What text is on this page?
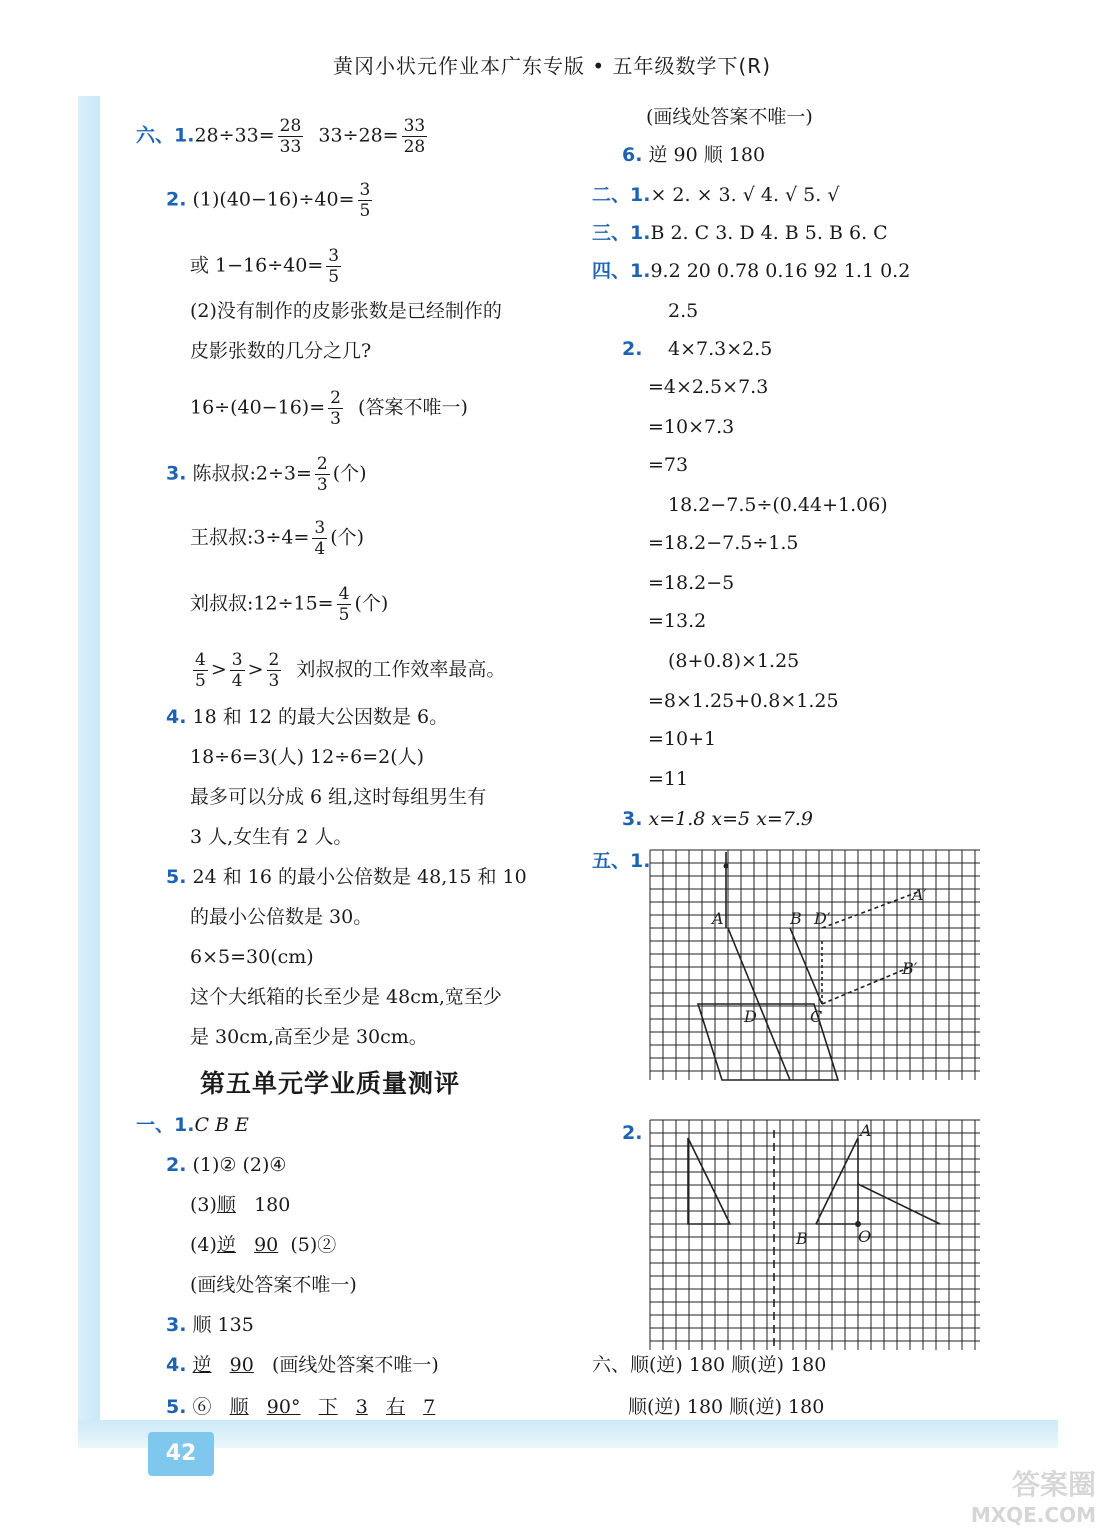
42
黄冈小状元作业本广东专版 • 五年级数学下(R)
六、$1.28\div 33= \frac{28}{33} 33\div 28= \frac{33}{28}$
2. $(1)(40-16)\div 40= \frac{3}{5}$
或 $1-16\div 40= \frac{3}{5}$
(2)没有制作的皮影张数是已经制作的
皮影张数的几分之几?
$16\div(40-16)= \frac{2}{3}$ (答案不唯一)
3. 陈叔叔:2÷3= $\frac{2}{3}$ (个)
王叔叔:3÷4= $\frac{3}{4}$ (个)
刘叔叔:12÷15= $\frac{4}{5}$ (个)
$\frac{4}{5} > \frac{3}{4} > \frac{2}{3}$ 刘叔叔的工作效率最高。
4. 18 和 12 的最大公因数是 6。
18÷6=3(人) 12÷6=2(人)
最多可以分成 6 组,这时每组男生有
3 人,女生有 2 人。
5. 24 和 16 的最小公倍数是 48,15 和 10
的最小公倍数是 30。
6×5=30(cm)
这个大纸箱的长至少是 48cm,宽至少
是 30cm,高至少是 30cm。
第五单元学业质量测评
一、1.C B E
2. (1)② (2)④
(3)顺 180
(4)逆 90 (5)②
(画线处答案不唯一)
3. 顺 135
4. 逆 90 (画线处答案不唯一)
5. ⑥ 顺 90° 下 3 右 7
(画线处答案不唯一)
6. 逆 90 顺 180
二、1.× 2. × 3. √ 4. √ 5. √
三、1.B 2. C 3. D 4. B 5. B 6. C
四、1.9.2 20 0.78 0.16 92 1.1 0.2
2.5
2. 4×7.3×2.5
=4×2.5×7.3
=10×7.3
=73
18.2−7.5÷(0.44+1.06)
=18.2−7.5÷1.5
=18.2−5
=13.2
(8+0.8)×1.25
=8×1.25+0.8×1.25
=10+1
=11
3. x=1.8 x=5 x=7.9
五、1.
A	B D′
A′
B′
C
D
2.	A
B	O
六、顺(逆) 180 顺(逆) 180
顺(逆) 180 顺(逆) 180
答案圈
MXQE.COM
